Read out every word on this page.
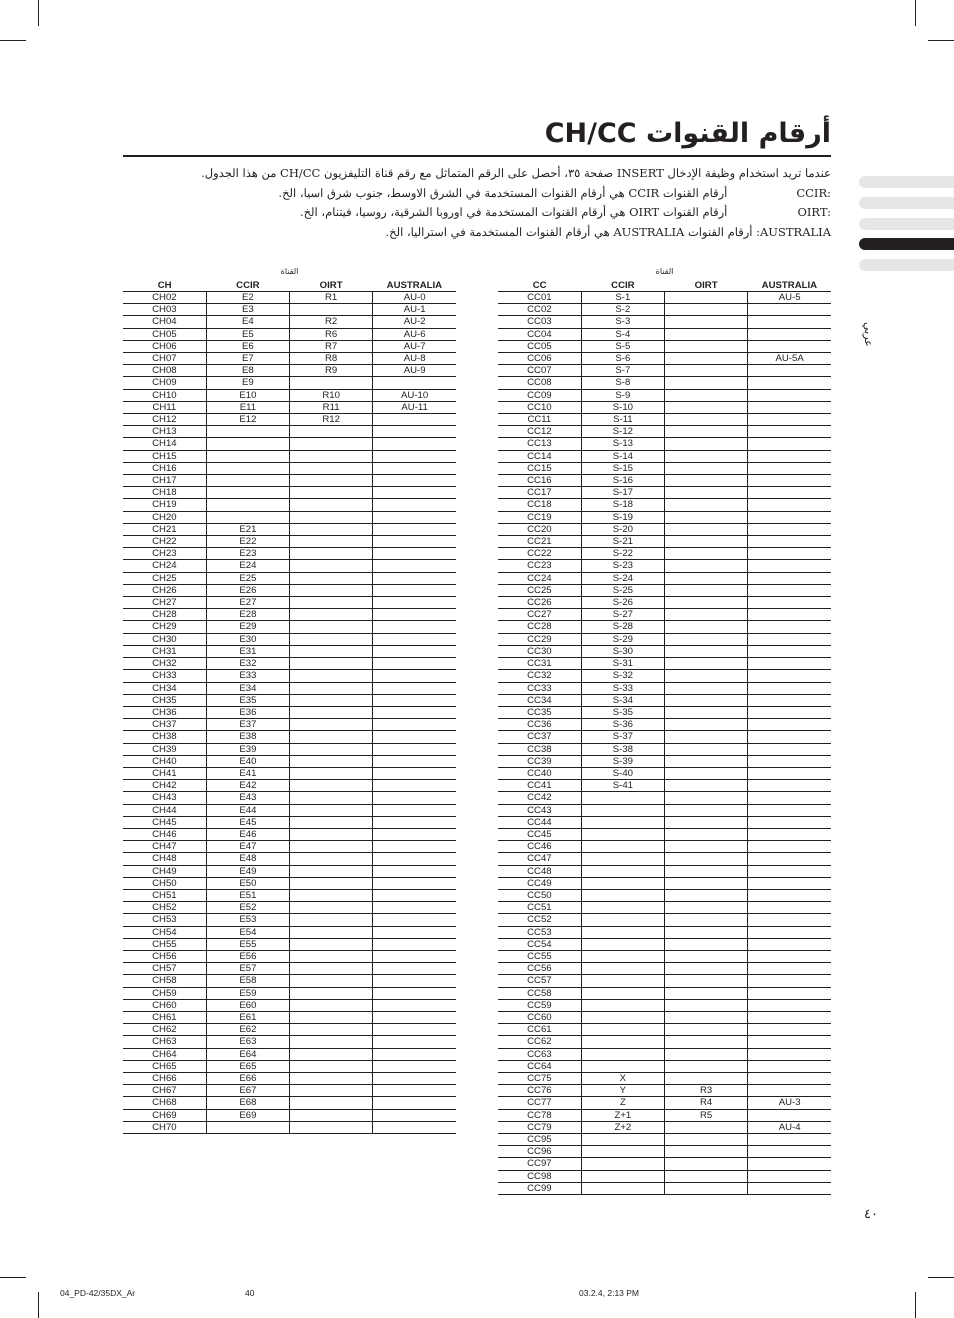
أرقام القنوات CH/CC
عندما تريد استخدام وظيفة الإدخال INSERT صفحة ٣٥، أحصل على الرقم المتماثل مع رقم قناة التليفزيون CH/CC من هذا الجدول.
CCIR: أرقام القنوات CCIR هي أرقام القنوات المستخدمة في الشرق الاوسط، جنوب شرق اسيا، الخ.
OIRT: أرقام القنوات OIRT هي أرقام القنوات المستخدمة في اوروبا الشرقية، روسيا، فيتنام، الخ.
AUSTRALIA: أرقام القنوات AUSTRALIA هي أرقام القنوات المستخدمة في استراليا، الخ.
عربي
القناة
CH	CCIR	OIRT	AUSTRALIA
CH02	E2	R1	AU-0
CH03	E3		AU-1
CH04	E4	R2	AU-2
CH05	E5	R6	AU-6
CH06	E6	R7	AU-7
CH07	E7	R8	AU-8
CH08	E8	R9	AU-9
CH09	E9		
CH10	E10	R10	AU-10
CH11	E11	R11	AU-11
CH12	E12	R12	
CH13			
CH14			
CH15			
CH16			
CH17			
CH18			
CH19			
CH20			
CH21	E21		
CH22	E22		
CH23	E23		
CH24	E24		
CH25	E25		
CH26	E26		
CH27	E27		
CH28	E28		
CH29	E29		
CH30	E30		
CH31	E31		
CH32	E32		
CH33	E33		
CH34	E34		
CH35	E35		
CH36	E36		
CH37	E37		
CH38	E38		
CH39	E39		
CH40	E40		
CH41	E41		
CH42	E42		
CH43	E43		
CH44	E44		
CH45	E45		
CH46	E46		
CH47	E47		
CH48	E48		
CH49	E49		
CH50	E50		
CH51	E51		
CH52	E52		
CH53	E53		
CH54	E54		
CH55	E55		
CH56	E56		
CH57	E57		
CH58	E58		
CH59	E59		
CH60	E60		
CH61	E61		
CH62	E62		
CH63	E63		
CH64	E64		
CH65	E65		
CH66	E66		
CH67	E67		
CH68	E68		
CH69	E69		
CH70			
القناة
CC	CCIR	OIRT	AUSTRALIA
CC01	S-1		AU-5
CC02	S-2		
CC03	S-3		
CC04	S-4		
CC05	S-5		
CC06	S-6		AU-5A
CC07	S-7		
CC08	S-8		
CC09	S-9		
CC10	S-10		
CC11	S-11		
CC12	S-12		
CC13	S-13		
CC14	S-14		
CC15	S-15		
CC16	S-16		
CC17	S-17		
CC18	S-18		
CC19	S-19		
CC20	S-20		
CC21	S-21		
CC22	S-22		
CC23	S-23		
CC24	S-24		
CC25	S-25		
CC26	S-26		
CC27	S-27		
CC28	S-28		
CC29	S-29		
CC30	S-30		
CC31	S-31		
CC32	S-32		
CC33	S-33		
CC34	S-34		
CC35	S-35		
CC36	S-36		
CC37	S-37		
CC38	S-38		
CC39	S-39		
CC40	S-40		
CC41	S-41		
CC42			
CC43			
CC44			
CC45			
CC46			
CC47			
CC48			
CC49			
CC50			
CC51			
CC52			
CC53			
CC54			
CC55			
CC56			
CC57			
CC58			
CC59			
CC60			
CC61			
CC62			
CC63			
CC64			
CC75	X		
CC76	Y	R3	
CC77	Z	R4	AU-3
CC78	Z+1	R5	
CC79	Z+2		AU-4
CC95			
CC96			
CC97			
CC98			
CC99			
٤٠
04_PD-42/35DX_Ar	40	03.2.4, 2:13 PM
